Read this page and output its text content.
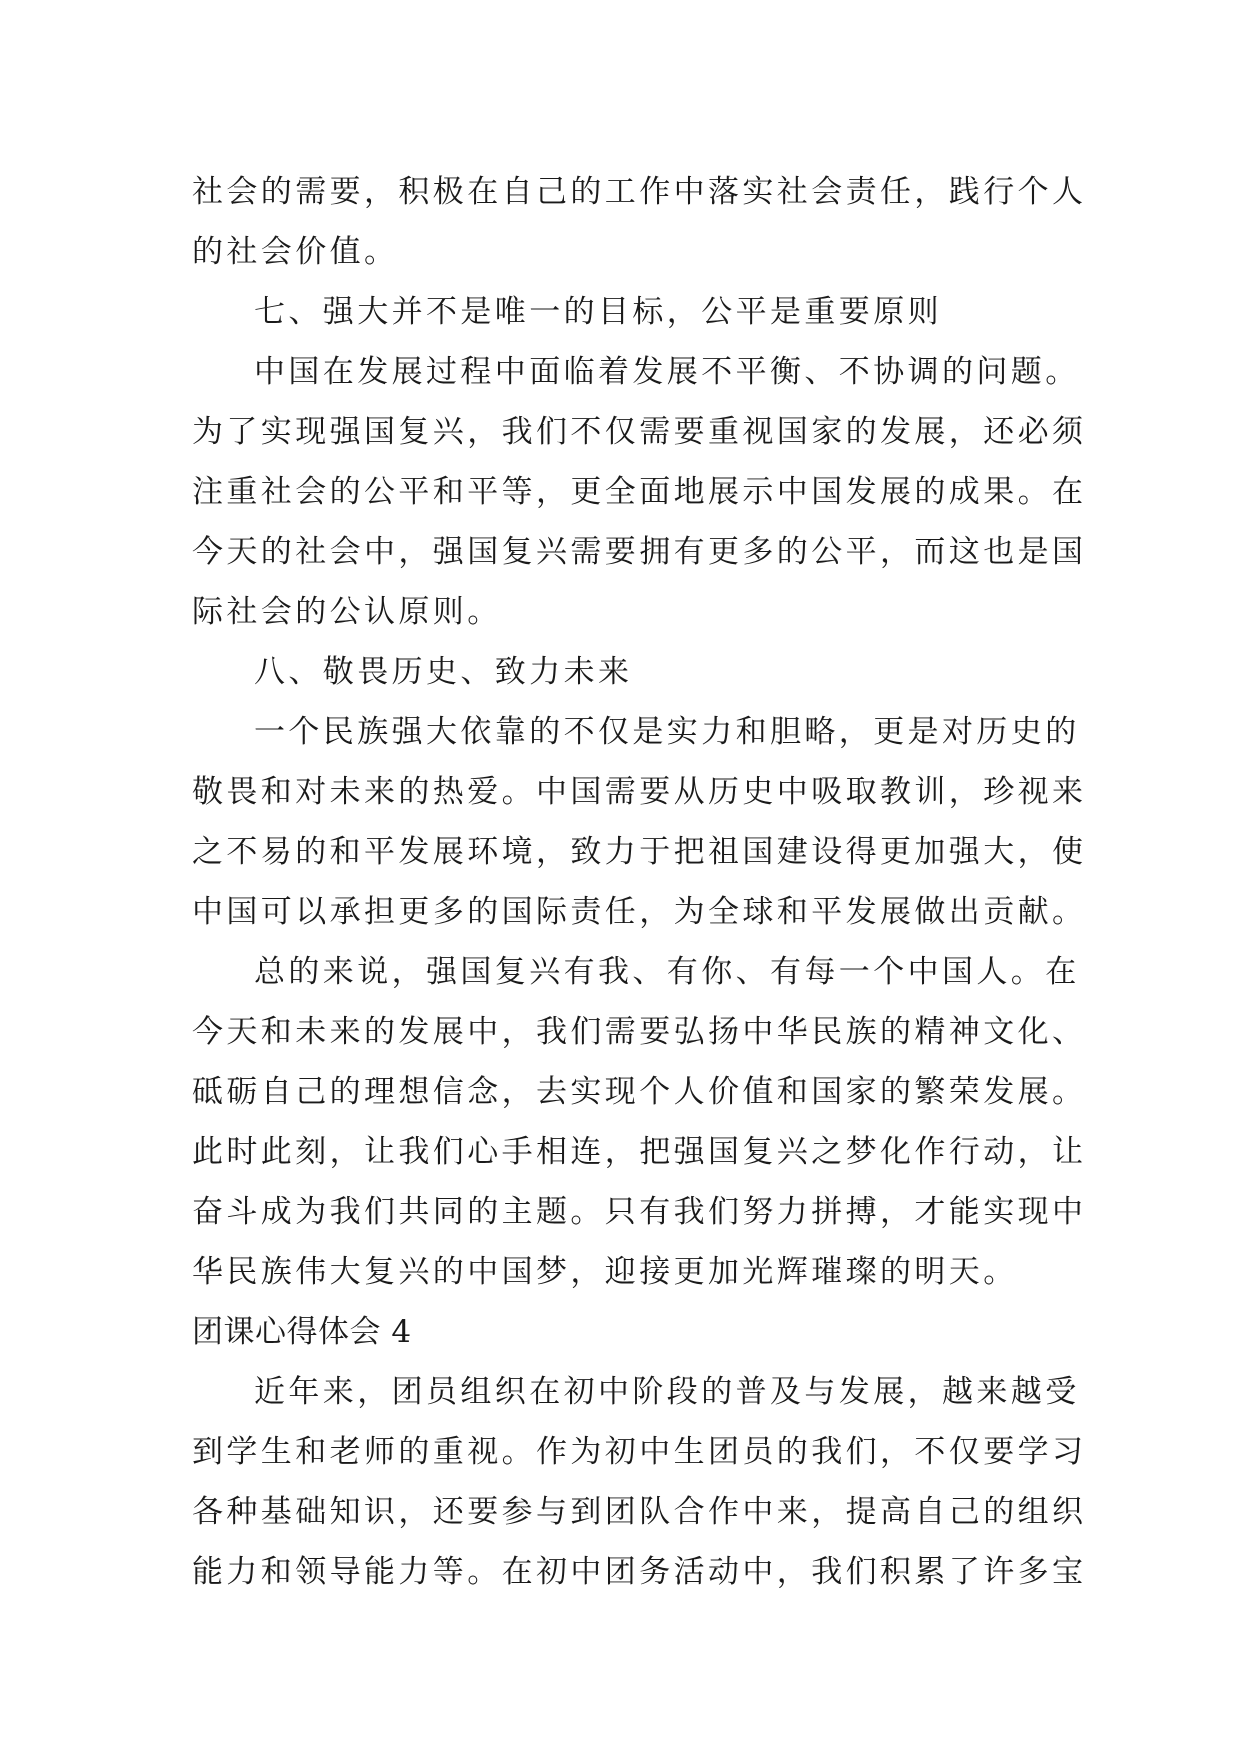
社会的需要，积极在自己的工作中落实社会责任，践行个人
的社会价值。
七、强大并不是唯一的目标，公平是重要原则
中国在发展过程中面临着发展不平衡、不协调的问题。
为了实现强国复兴，我们不仅需要重视国家的发展，还必须
注重社会的公平和平等，更全面地展示中国发展的成果。在
今天的社会中，强国复兴需要拥有更多的公平，而这也是国
际社会的公认原则。
八、敬畏历史、致力未来
一个民族强大依靠的不仅是实力和胆略，更是对历史的
敬畏和对未来的热爱。中国需要从历史中吸取教训，珍视来
之不易的和平发展环境，致力于把祖国建设得更加强大，使
中国可以承担更多的国际责任，为全球和平发展做出贡献。
总的来说，强国复兴有我、有你、有每一个中国人。在
今天和未来的发展中，我们需要弘扬中华民族的精神文化、
砥砺自己的理想信念，去实现个人价值和国家的繁荣发展。
此时此刻，让我们心手相连，把强国复兴之梦化作行动，让
奋斗成为我们共同的主题。只有我们努力拼搏，才能实现中
华民族伟大复兴的中国梦，迎接更加光辉璀璨的明天。
团课心得体会 4
近年来，团员组织在初中阶段的普及与发展，越来越受
到学生和老师的重视。作为初中生团员的我们，不仅要学习
各种基础知识，还要参与到团队合作中来，提高自己的组织
能力和领导能力等。在初中团务活动中，我们积累了许多宝
